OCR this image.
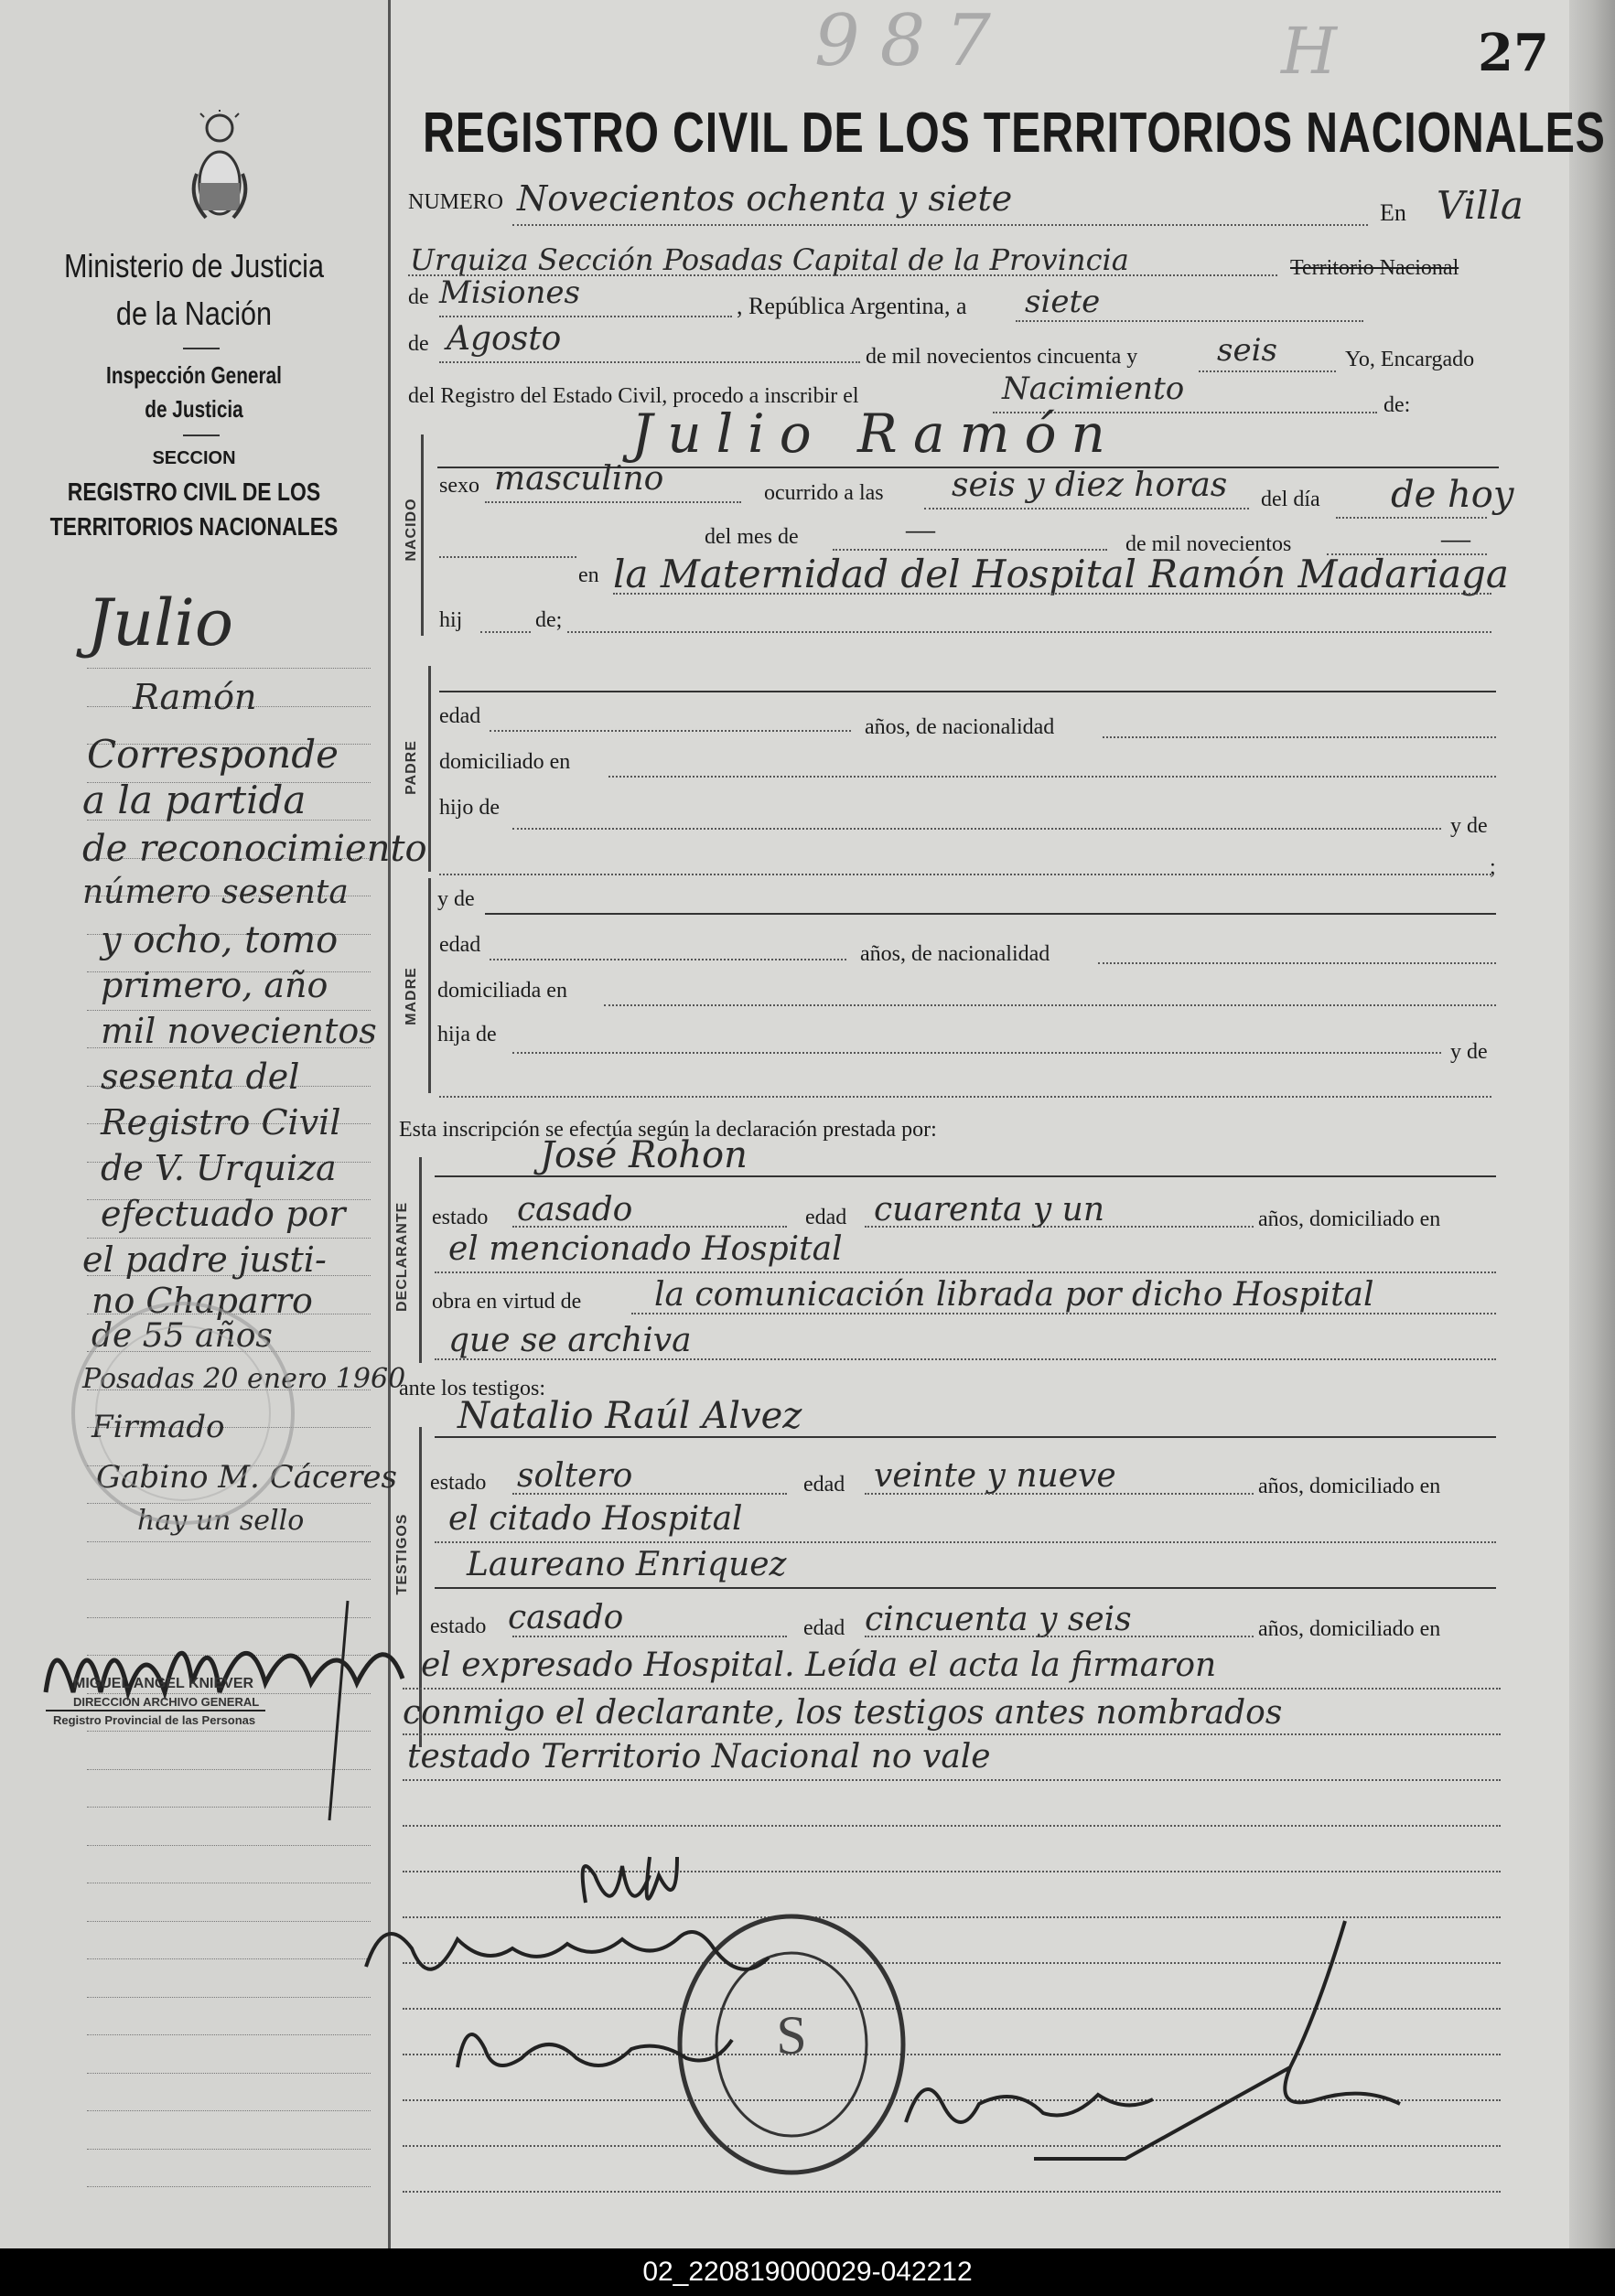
Ministerio de Justicia
de la Nación
Inspección General
de Justicia
SECCION
REGISTRO CIVIL DE LOS
TERRITORIOS NACIONALES
Julio
Ramón
Corresponde
a la partida
de reconocimiento
número sesenta
y ocho, tomo
primero, año
mil novecientos
sesenta del
Registro Civil
de V. Urquiza
efectuado por
el padre justi-
no Chaparro
de 55 años
Posadas 20 enero 1960
Firmado
Gabino M. Cáceres
hay un sello
MIGUEL ANGEL KNIEVER
DIRECCION ARCHIVO GENERAL
Registro Provincial de las Personas
987	H	27
REGISTRO CIVIL DE LOS TERRITORIOS NACIONALES
NUMERO Novecientos ochenta y siete	En Villa
Urquiza Sección Posadas Capital de la Provincia	Territorio Nacional
de Misiones	, República Argentina, a siete
de Agosto	de mil novecientos cincuenta y	seis	Yo, Encargado
del Registro del Estado Civil, procedo a inscribir el	Nacimiento	de:
Julio Ramón
NACIDO
sexo masculino	ocurrido a las seis y diez horas del día de hoy
del mes de	—	de mil novecientos	—
en la Maternidad del Hospital Ramón Madariaga
hij	de;
PADRE
edad	años, de nacionalidad
domiciliado en
hijo de
y de
;
MADRE
y de
edad	años, de nacionalidad
domiciliada en
hija de
y de
Esta inscripción se efectúa según la declaración prestada por:
DECLARANTE
José Rohon
estado casado	edad cuarenta y un	años, domiciliado en
el mencionado Hospital
obra en virtud de la comunicación librada por dicho Hospital
que se archiva
ante los testigos:
TESTIGOS
Natalio Raúl Alvez
estado soltero	edad veinte y nueve	años, domiciliado en
el citado Hospital
Laureano Enriquez
estado casado	edad cincuenta y seis	años, domiciliado en
el expresado Hospital. Leída el acta la firmaron
conmigo el declarante, los testigos antes nombrados
testado Territorio Nacional no vale
S
02_220819000029-042212
